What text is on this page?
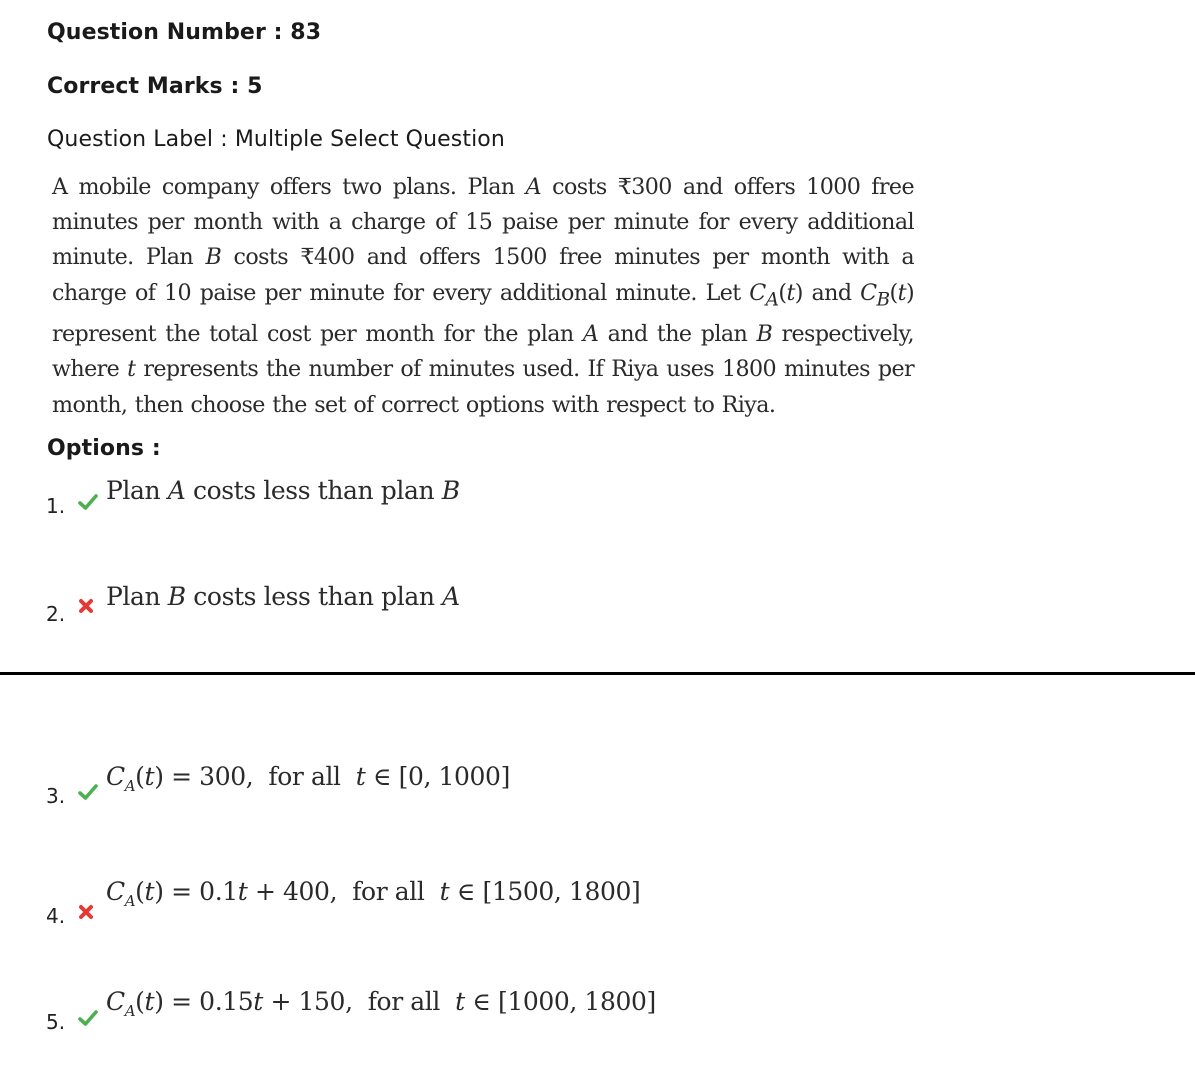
Question Number : 83
Correct Marks : 5
Question Label : Multiple Select Question

A mobile company offers two plans. Plan A costs ₹300 and offers 1000 free minutes per month with a charge of 15 paise per minute for every additional minute. Plan B costs ₹400 and offers 1500 free minutes per month with a charge of 10 paise per minute for every additional minute. Let $C_A(t)$ and $C_B(t)$ represent the total cost per month for the plan A and the plan B respectively, where t represents the number of minutes used. If Riya uses 1800 minutes per month, then choose the set of correct options with respect to Riya.

Options :
1.
Plan A costs less than plan B
2.
Plan B costs less than plan A
3.
$C_A(t) = 300$,  for all  t ∈ [0, 1000]
4.
$C_A(t) = 0.1t + 400$,  for all  t ∈ [1500, 1800]
5.
$C_A(t) = 0.15t + 150$,  for all  t ∈ [1000, 1800]
